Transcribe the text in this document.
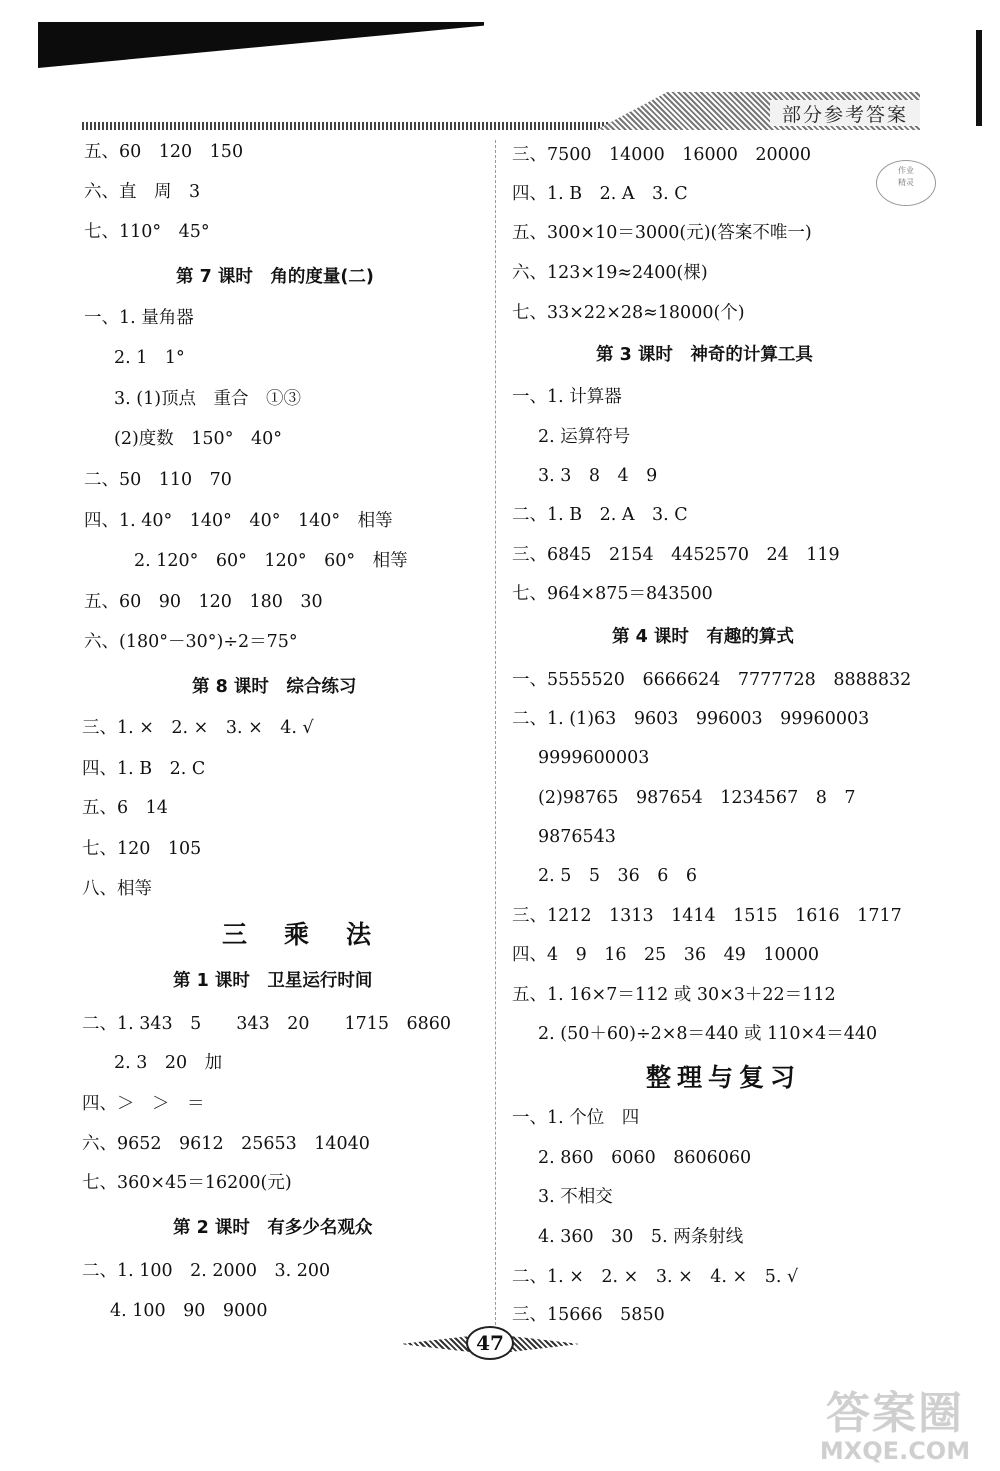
部分参考答案
作业
精灵
五、60　120　150
六、直　周　3
七、110°　45°
第 7 课时　角的度量(二)
一、1. 量角器
2. 1　1°
3. (1)顶点　重合　①③
(2)度数　150°　40°
二、50　110　70
四、1. 40°　140°　40°　140°　相等
2. 120°　60°　120°　60°　相等
五、60　90　120　180　30
六、(180°－30°)÷2＝75°
第 8 课时　综合练习
三、1. ×　2. ×　3. ×　4. √
四、1. B　2. C
五、6　14
七、120　105
八、相等
三　乘　法
第 1 课时　卫星运行时间
二、1. 343　5　　343　20　　1715　6860
2. 3　20　加
四、＞　＞　＝
六、9652　9612　25653　14040
七、360×45＝16200(元)
第 2 课时　有多少名观众
二、1. 100　2. 2000　3. 200
4. 100　90　9000
三、7500　14000　16000　20000
四、1. B　2. A　3. C
五、300×10＝3000(元)(答案不唯一)
六、123×19≈2400(棵)
七、33×22×28≈18000(个)
第 3 课时　神奇的计算工具
一、1. 计算器
2. 运算符号
3. 3　8　4　9
二、1. B　2. A　3. C
三、6845　2154　4452570　24　119
七、964×875＝843500
第 4 课时　有趣的算式
一、5555520　6666624　7777728　8888832
二、1. (1)63　9603　996003　99960003
9999600003
(2)98765　987654　1234567　8　7
9876543
2. 5　5　36　6　6
三、1212　1313　1414　1515　1616　1717
四、4　9　16　25　36　49　10000
五、1. 16×7＝112 或 30×3＋22＝112
2. (50＋60)÷2×8＝440 或 110×4＝440
整理与复习
一、1. 个位　四
2. 860　6060　8606060
3. 不相交
4. 360　30　5. 两条射线
二、1. ×　2. ×　3. ×　4. ×　5. √
三、15666　5850
47
答案圈
MXQE.COM
